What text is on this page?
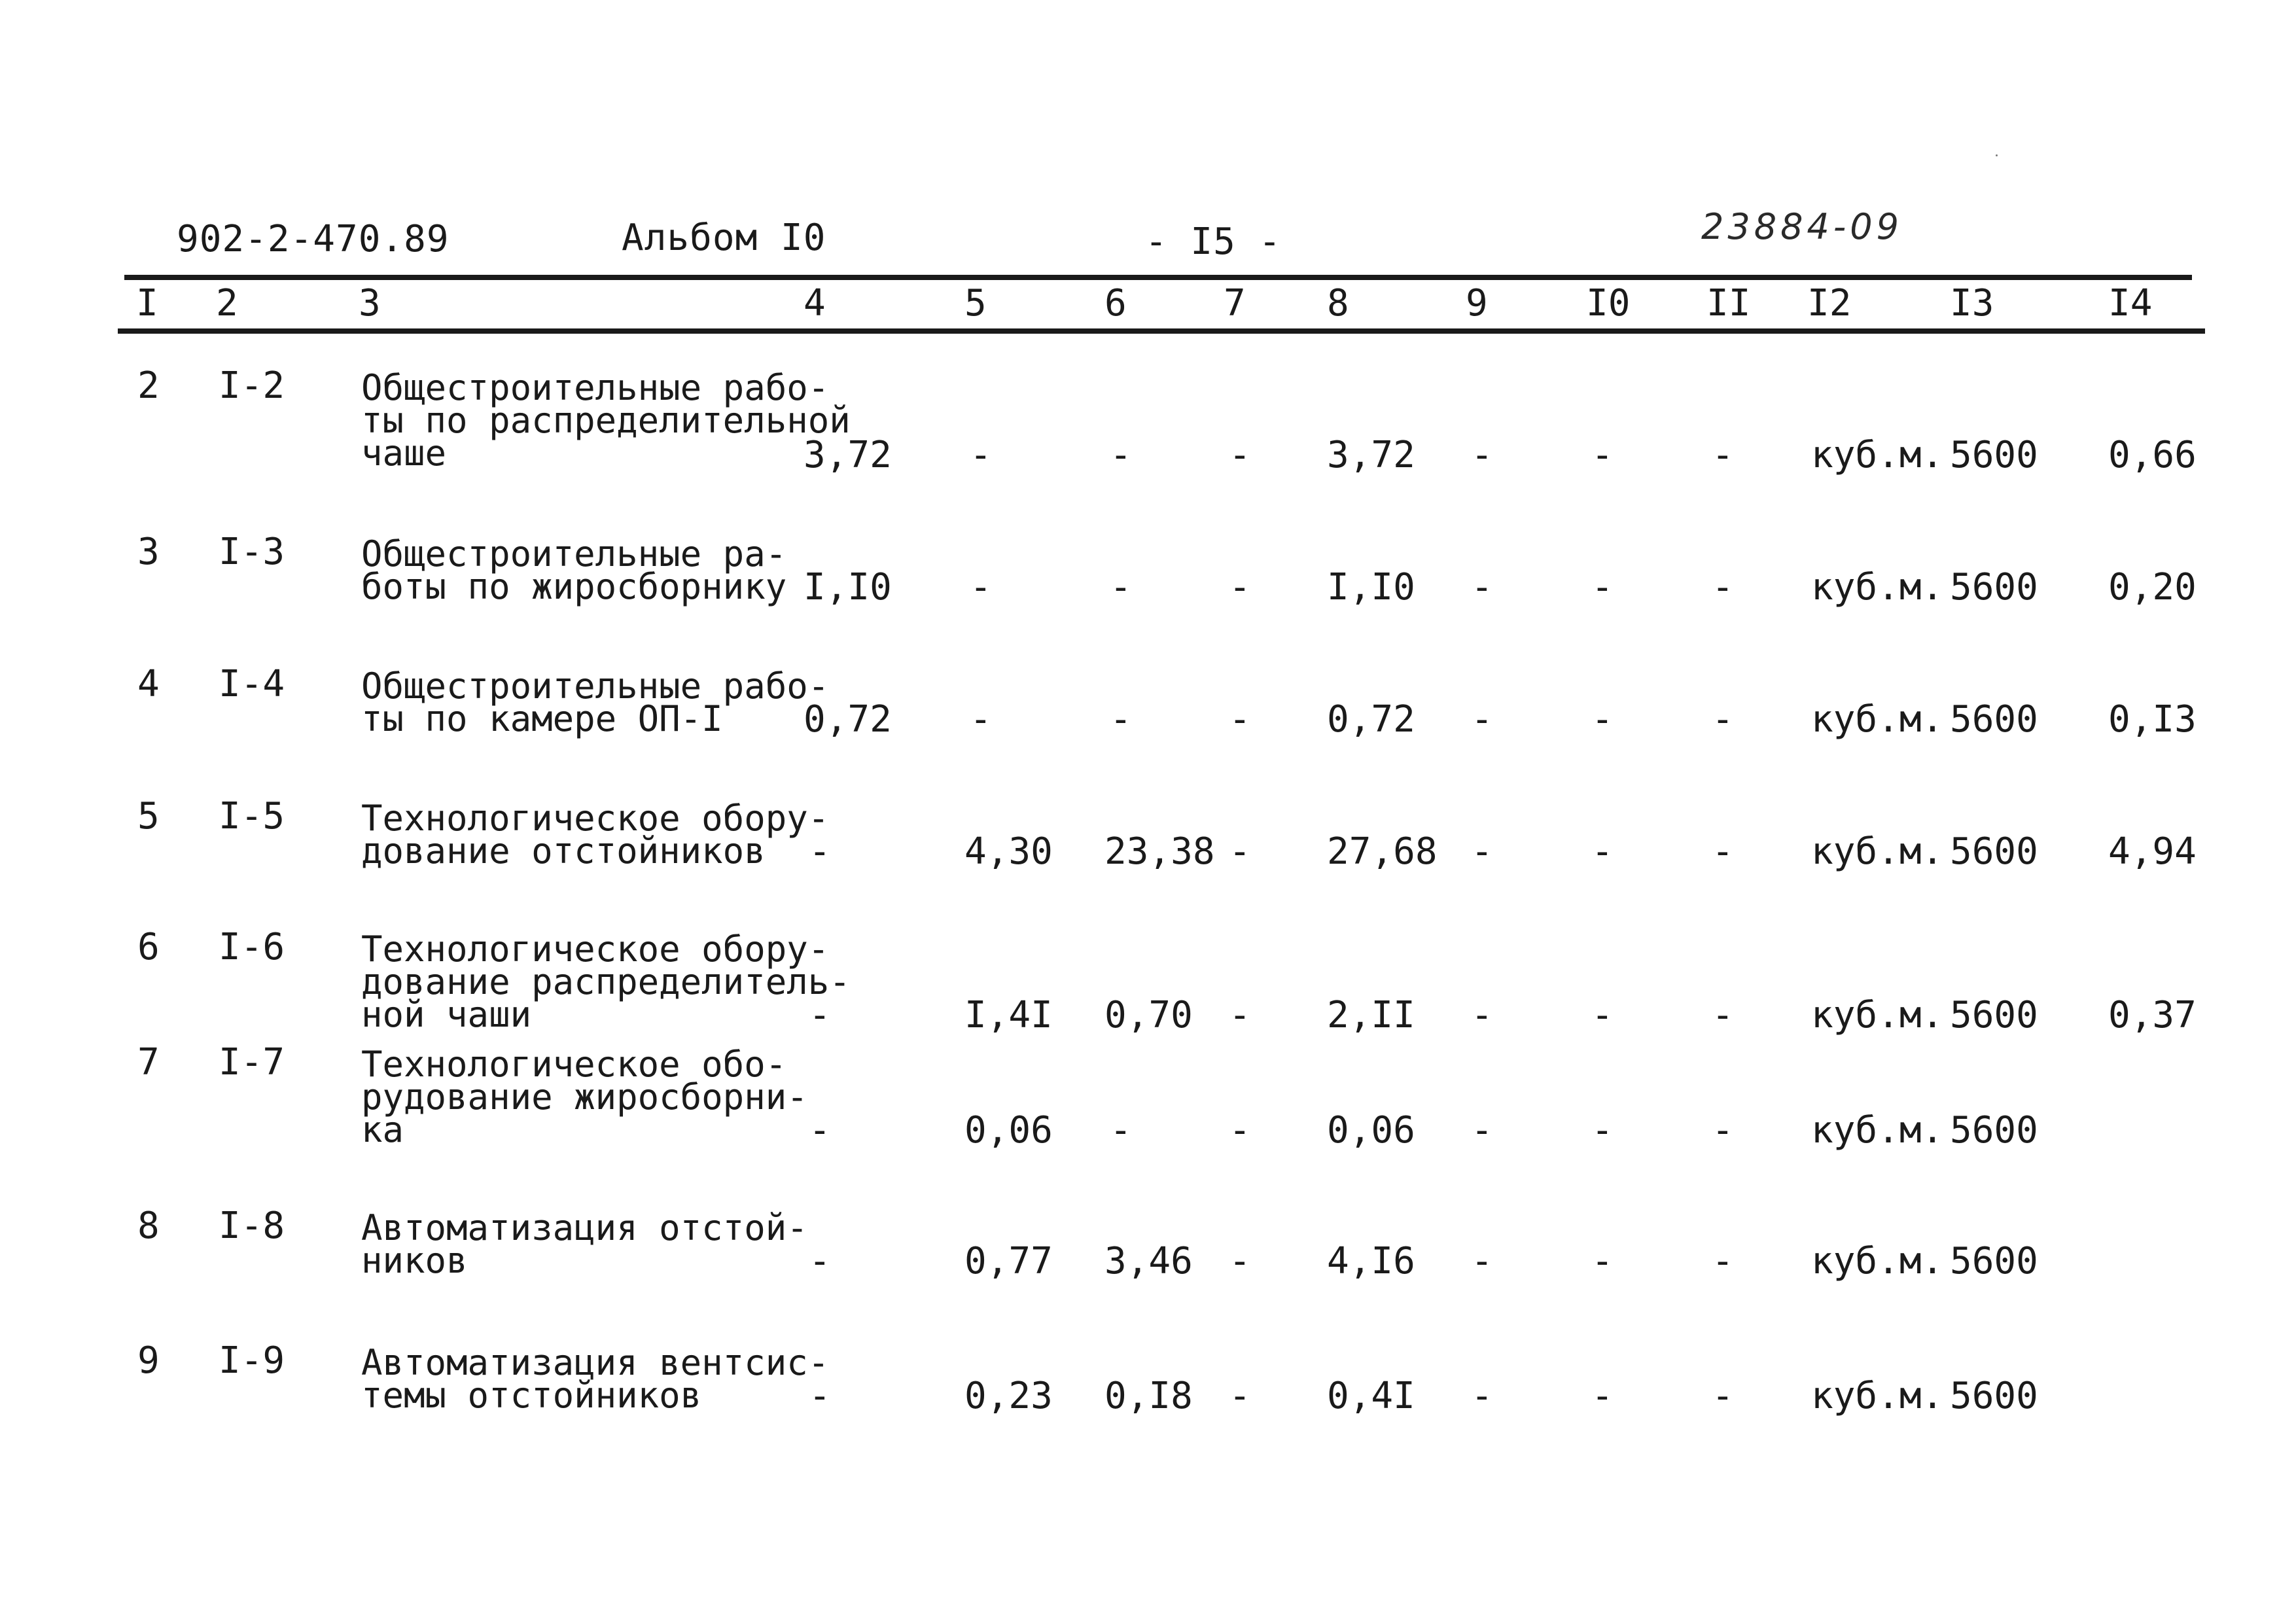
902-2-470.89	Альбом I0	- I5 -	23884-09
I 2	3	4	5	6	7 8	9	I0 II I2	I3	I4
2 I-2 Общестроительные рабо-
ты по распределительной
чаше	3,72 -	-	- 3,72 -	-	- куб.м. 5600 0,66
3 I-3 Общестроительные ра-
боты по жиросборнику I,I0 -	-	- I,I0 -	-	- куб.м. 5600 0,20
4 I-4 Общестроительные рабо-
ты по камере ОП-I	0,72 -	-	- 0,72 -	-	- куб.м. 5600 0,I3
5 I-5 Технологическое обору-
дование отстойников	-	4,30 23,38 - 27,68 -	-	- куб.м. 5600 4,94
6 I-6 Технологическое обору-
дование распределитель-
ной чаши	-	I,4I 0,70 - 2,II -	-	- куб.м. 5600 0,37
7 I-7 Технологическое обо-
рудование жиросборни-
ка	-	0,06 -	- 0,06 -	-	- куб.м. 5600
8 I-8 Автоматизация отстой-
ников	-	0,77 3,46 - 4,I6 -	-	- куб.м. 5600
9 I-9 Автоматизация вентсис-
темы отстойников	-	0,23 0,I8 - 0,4I -	-	- куб.м. 5600
